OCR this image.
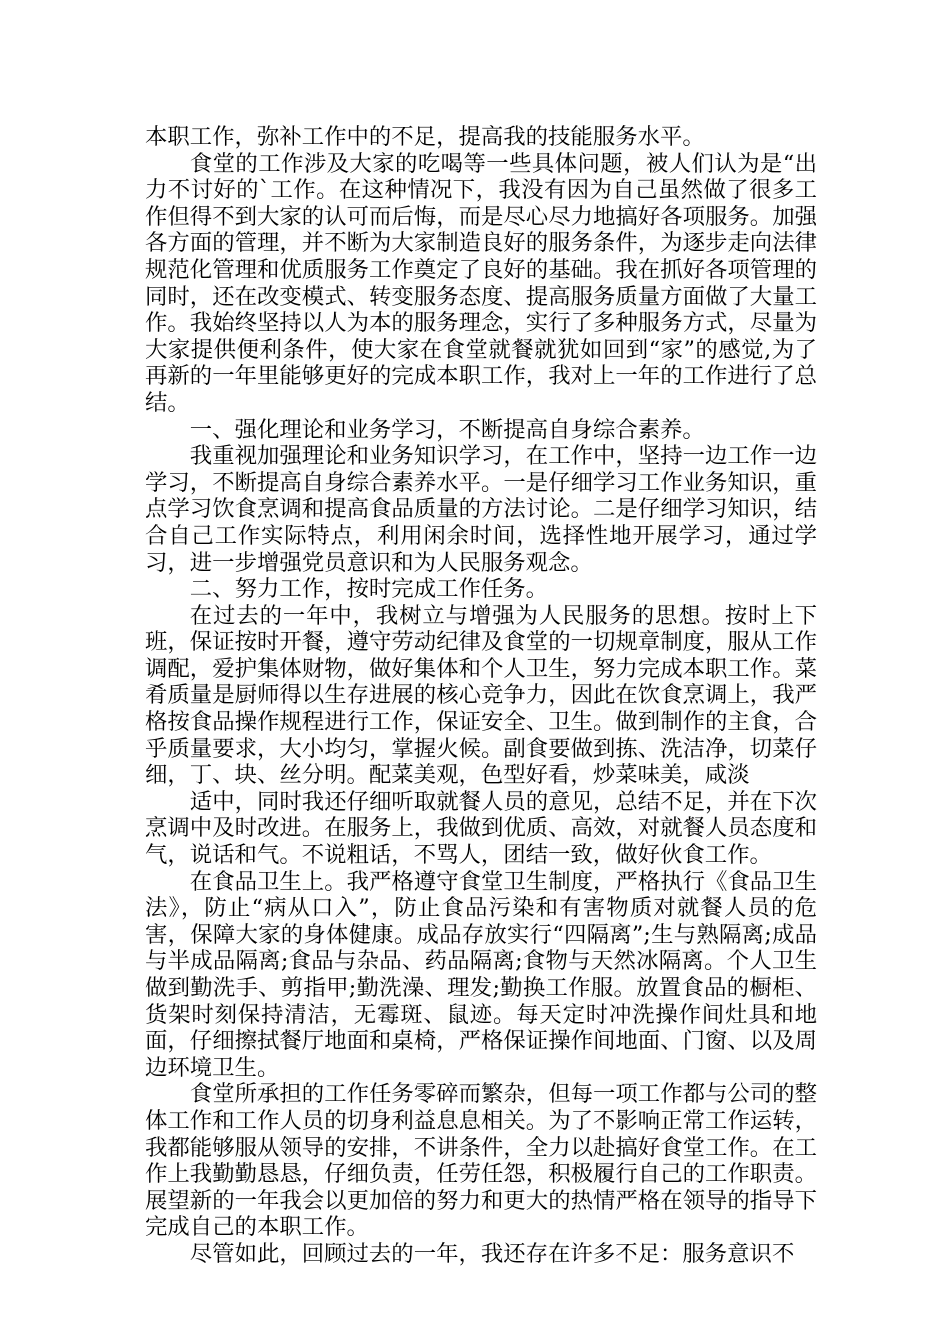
本职工作，弥补工作中的不足，提高我的技能服务水平。

食堂的工作涉及大家的吃喝等一些具体问题，被人们认为是“出力不讨好的`工作。在这种情况下，我没有因为自己虽然做了很多工作但得不到大家的认可而后悔，而是尽心尽力地搞好各项服务。加强各方面的管理，并不断为大家制造良好的服务条件，为逐步走向法律规范化管理和优质服务工作奠定了良好的基础。我在抓好各项管理的同时，还在改变模式、转变服务态度、提高服务质量方面做了大量工作。我始终坚持以人为本的服务理念，实行了多种服务方式，尽量为大家提供便利条件，使大家在食堂就餐就犹如回到“家”的感觉,为了再新的一年里能够更好的完成本职工作，我对上一年的工作进行了总结。

一、强化理论和业务学习，不断提高自身综合素养。

我重视加强理论和业务知识学习，在工作中，坚持一边工作一边学习，不断提高自身综合素养水平。一是仔细学习工作业务知识，重点学习饮食烹调和提高食品质量的方法讨论。二是仔细学习知识，结合自己工作实际特点，利用闲余时间，选择性地开展学习，通过学习，进一步增强党员意识和为人民服务观念。

二、努力工作，按时完成工作任务。

在过去的一年中，我树立与增强为人民服务的思想。按时上下班，保证按时开餐，遵守劳动纪律及食堂的一切规章制度，服从工作调配，爱护集体财物，做好集体和个人卫生，努力完成本职工作。菜肴质量是厨师得以生存进展的核心竞争力，因此在饮食烹调上，我严格按食品操作规程进行工作，保证安全、卫生。做到制作的主食，合乎质量要求，大小均匀，掌握火候。副食要做到拣、洗洁净，切菜仔细，丁、块、丝分明。配菜美观，色型好看，炒菜味美，咸淡

适中，同时我还仔细听取就餐人员的意见，总结不足，并在下次烹调中及时改进。在服务上，我做到优质、高效，对就餐人员态度和气，说话和气。不说粗话，不骂人，团结一致，做好伙食工作。

在食品卫生上。我严格遵守食堂卫生制度，严格执行《食品卫生法》，防止“病从口入”，防止食品污染和有害物质对就餐人员的危害，保障大家的身体健康。成品存放实行“四隔离”;生与熟隔离;成品与半成品隔离;食品与杂品、药品隔离;食物与天然冰隔离。个人卫生做到勤洗手、剪指甲;勤洗澡、理发;勤换工作服。放置食品的橱柜、货架时刻保持清洁，无霉斑、鼠迹。每天定时冲洗操作间灶具和地面，仔细擦拭餐厅地面和桌椅，严格保证操作间地面、门窗、以及周边环境卫生。

食堂所承担的工作任务零碎而繁杂，但每一项工作都与公司的整体工作和工作人员的切身利益息息相关。为了不影响正常工作运转，我都能够服从领导的安排，不讲条件，全力以赴搞好食堂工作。在工作上我勤勤恳恳，仔细负责，任劳任怨，积极履行自己的工作职责。展望新的一年我会以更加倍的努力和更大的热情严格在领导的指导下完成自己的本职工作。

尽管如此，回顾过去的一年，我还存在许多不足：服务意识不
